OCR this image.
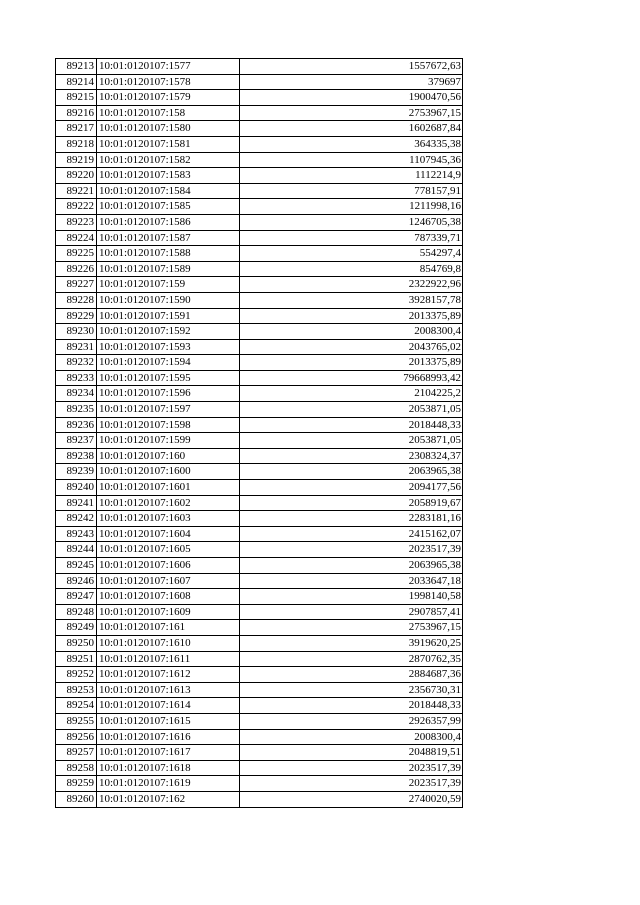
89213	10:01:0120107:1577	1557672,63
89214	10:01:0120107:1578	379697
89215	10:01:0120107:1579	1900470,56
89216	10:01:0120107:158	2753967,15
89217	10:01:0120107:1580	1602687,84
89218	10:01:0120107:1581	364335,38
89219	10:01:0120107:1582	1107945,36
89220	10:01:0120107:1583	1112214,9
89221	10:01:0120107:1584	778157,91
89222	10:01:0120107:1585	1211998,16
89223	10:01:0120107:1586	1246705,38
89224	10:01:0120107:1587	787339,71
89225	10:01:0120107:1588	554297,4
89226	10:01:0120107:1589	854769,8
89227	10:01:0120107:159	2322922,96
89228	10:01:0120107:1590	3928157,78
89229	10:01:0120107:1591	2013375,89
89230	10:01:0120107:1592	2008300,4
89231	10:01:0120107:1593	2043765,02
89232	10:01:0120107:1594	2013375,89
89233	10:01:0120107:1595	79668993,42
89234	10:01:0120107:1596	2104225,2
89235	10:01:0120107:1597	2053871,05
89236	10:01:0120107:1598	2018448,33
89237	10:01:0120107:1599	2053871,05
89238	10:01:0120107:160	2308324,37
89239	10:01:0120107:1600	2063965,38
89240	10:01:0120107:1601	2094177,56
89241	10:01:0120107:1602	2058919,67
89242	10:01:0120107:1603	2283181,16
89243	10:01:0120107:1604	2415162,07
89244	10:01:0120107:1605	2023517,39
89245	10:01:0120107:1606	2063965,38
89246	10:01:0120107:1607	2033647,18
89247	10:01:0120107:1608	1998140,58
89248	10:01:0120107:1609	2907857,41
89249	10:01:0120107:161	2753967,15
89250	10:01:0120107:1610	3919620,25
89251	10:01:0120107:1611	2870762,35
89252	10:01:0120107:1612	2884687,36
89253	10:01:0120107:1613	2356730,31
89254	10:01:0120107:1614	2018448,33
89255	10:01:0120107:1615	2926357,99
89256	10:01:0120107:1616	2008300,4
89257	10:01:0120107:1617	2048819,51
89258	10:01:0120107:1618	2023517,39
89259	10:01:0120107:1619	2023517,39
89260	10:01:0120107:162	2740020,59
